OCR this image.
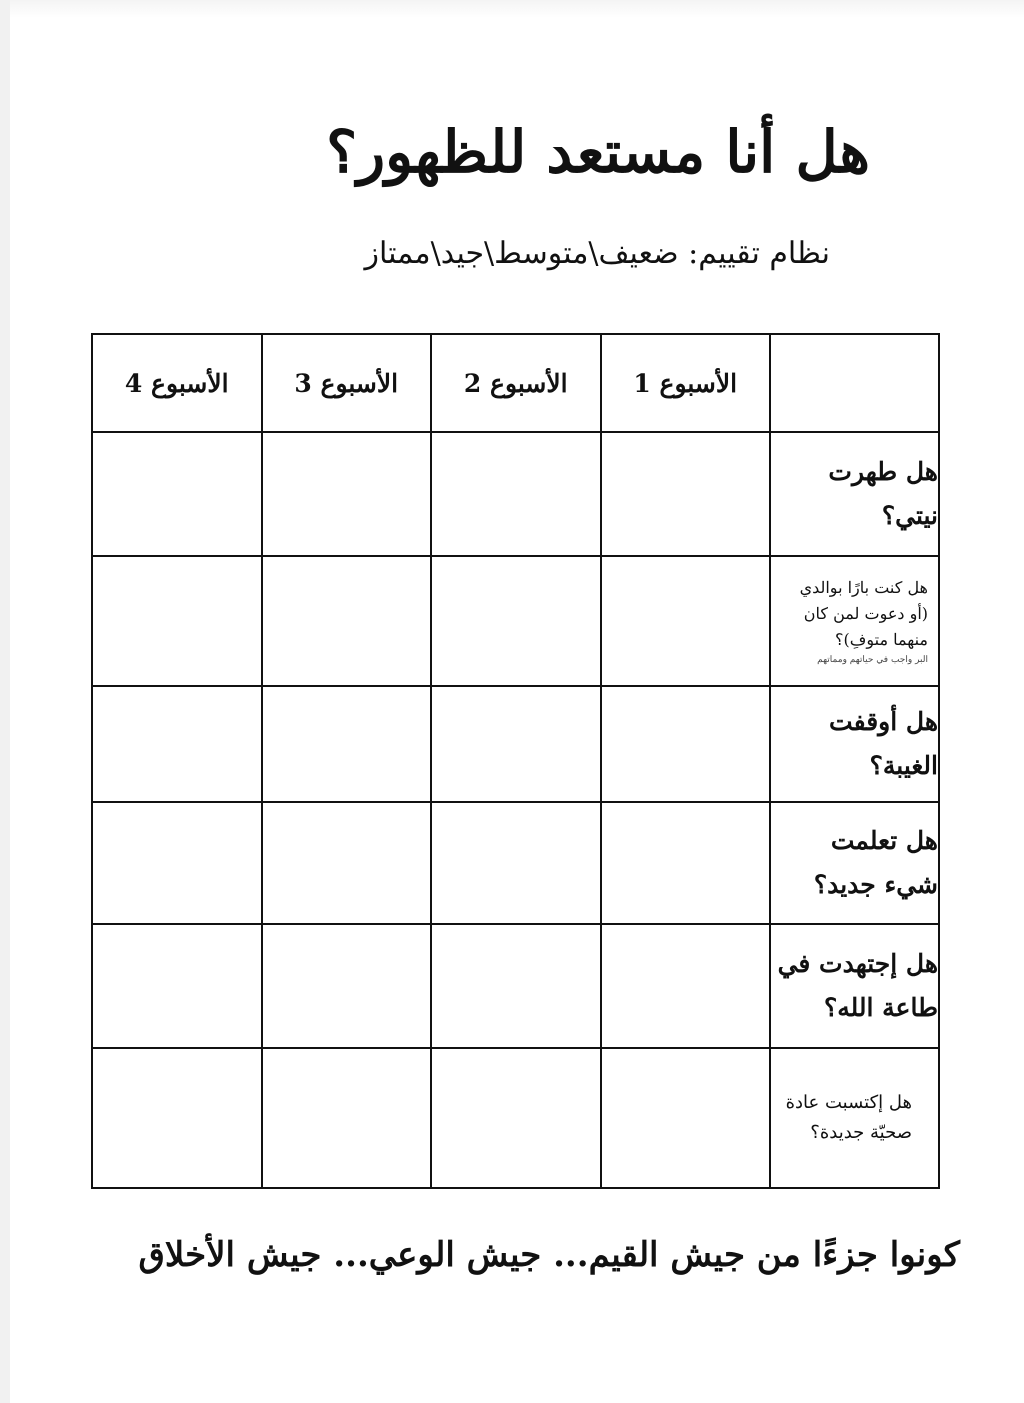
هل أنا مستعد للظهور؟
نظام تقييم: ضعيف\متوسط\جيد\ممتاز
	الأسبوع 1	الأسبوع 2	الأسبوع 3	الأسبوع 4
هل طهرت نيتي؟				
هل كنت بارًا بوالدي (أو دعوت لمن كان منهما متوفِ)؟
البر واجب في حياتهم ومماتهم				

هل أوقفت الغيبة؟				
هل تعلمت شيء جديد؟				
هل إجتهدت في طاعة الله؟				
هل إكتسبت عادة صحيّة جديدة؟				
كونوا جزءًا من جيش القيم... جيش الوعي... جيش الأخلاق
